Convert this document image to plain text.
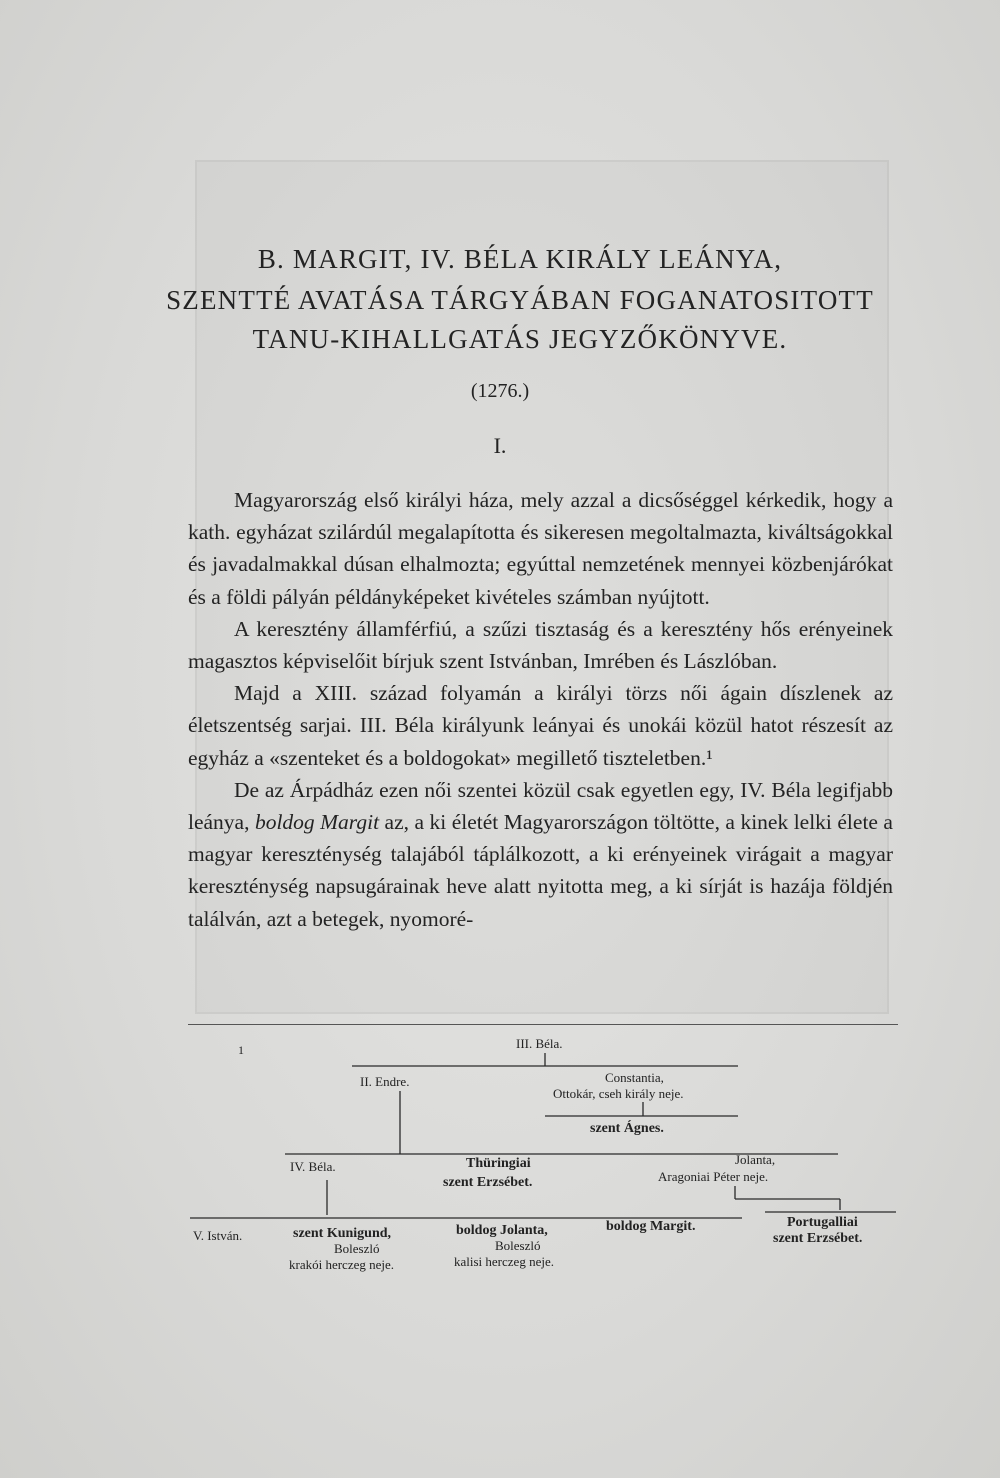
B. MARGIT, IV. BÉLA KIRÁLY LEÁNYA,
SZENTTÉ AVATÁSA TÁRGYÁBAN FOGANATOSITOTT
TANU-KIHALLGATÁS JEGYZŐKÖNYVE.
(1276.)
I.

Magyarország első királyi háza, mely azzal a dicsőséggel kérkedik, hogy a kath. egyházat szilárdúl megalapította és sikeresen megoltalmazta, kiváltságokkal és javadalmakkal dúsan elhalmozta; egyúttal nemzetének mennyei közbenjárókat és a földi pályán példányképeket kivételes számban nyújtott.

A keresztény államférfiú, a szűzi tisztaság és a keresztény hős erényeinek magasztos képviselőit bírjuk szent Istvánban, Imrében és Lászlóban.

Majd a XIII. század folyamán a királyi törzs női ágain díszlenek az életszentség sarjai. III. Béla királyunk leányai és unokái közül hatot részesít az egyház a «szenteket és a boldogokat» megillető tiszteletben.¹

De az Árpádház ezen női szentei közül csak egyetlen egy, IV. Béla legifjabb leánya, boldog Margit az, a ki életét Magyarországon töltötte, a kinek lelki élete a magyar kereszténység talajából táplálkozott, a ki erényeinek virágait a magyar kereszténység napsugárainak heve alatt nyitotta meg, a ki sírját is hazája földjén találván, azt a betegek, nyomoré-

1	III. Béla.
II. Endre.	Constantia,
Ottokár, cseh király neje.
szent Ágnes.
IV. Béla.	Thüringiai
szent Erzsébet.
Jolanta,
Aragoniai Péter neje.
V. István.	szent Kunigund,
Boleszló
krakói herczeg neje.
boldog Jolanta,
Boleszló
kalisi herczeg neje.
boldog Margit.	Portugalliai
szent Erzsébet.
